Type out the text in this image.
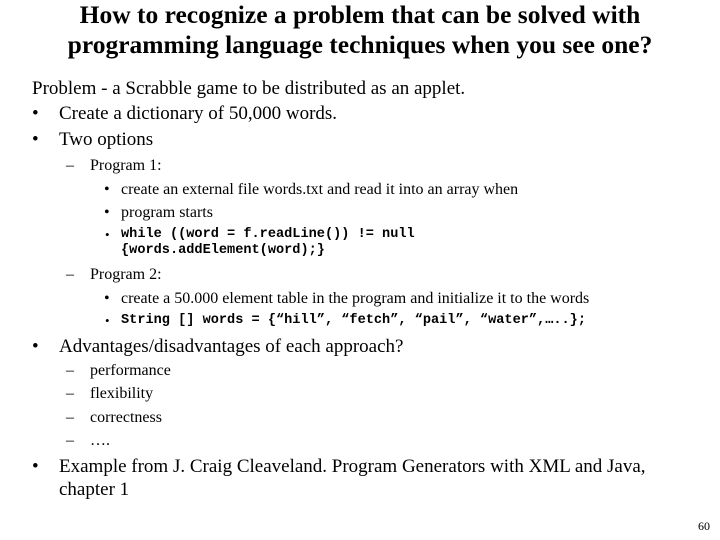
How to recognize a problem that can be solved with
programming language techniques when you see one?
Problem - a Scrabble game to be distributed as an applet.
• Create a dictionary of 50,000 words.
• Two options
– Program 1:
• create an external file words.txt and read it into an array when
• program starts
• while ((word = f.readLine()) != null
{words.addElement(word);}
– Program 2:
• create a 50.000 element table in the program and initialize it to the words
• String [] words = {“hill”, “fetch”, “pail”, “water”,…..};
• Advantages/disadvantages of each approach?
– performance
– flexibility
– correctness
– ….
• Example from J. Craig Cleaveland. Program Generators with XML and Java,
chapter 1
60
